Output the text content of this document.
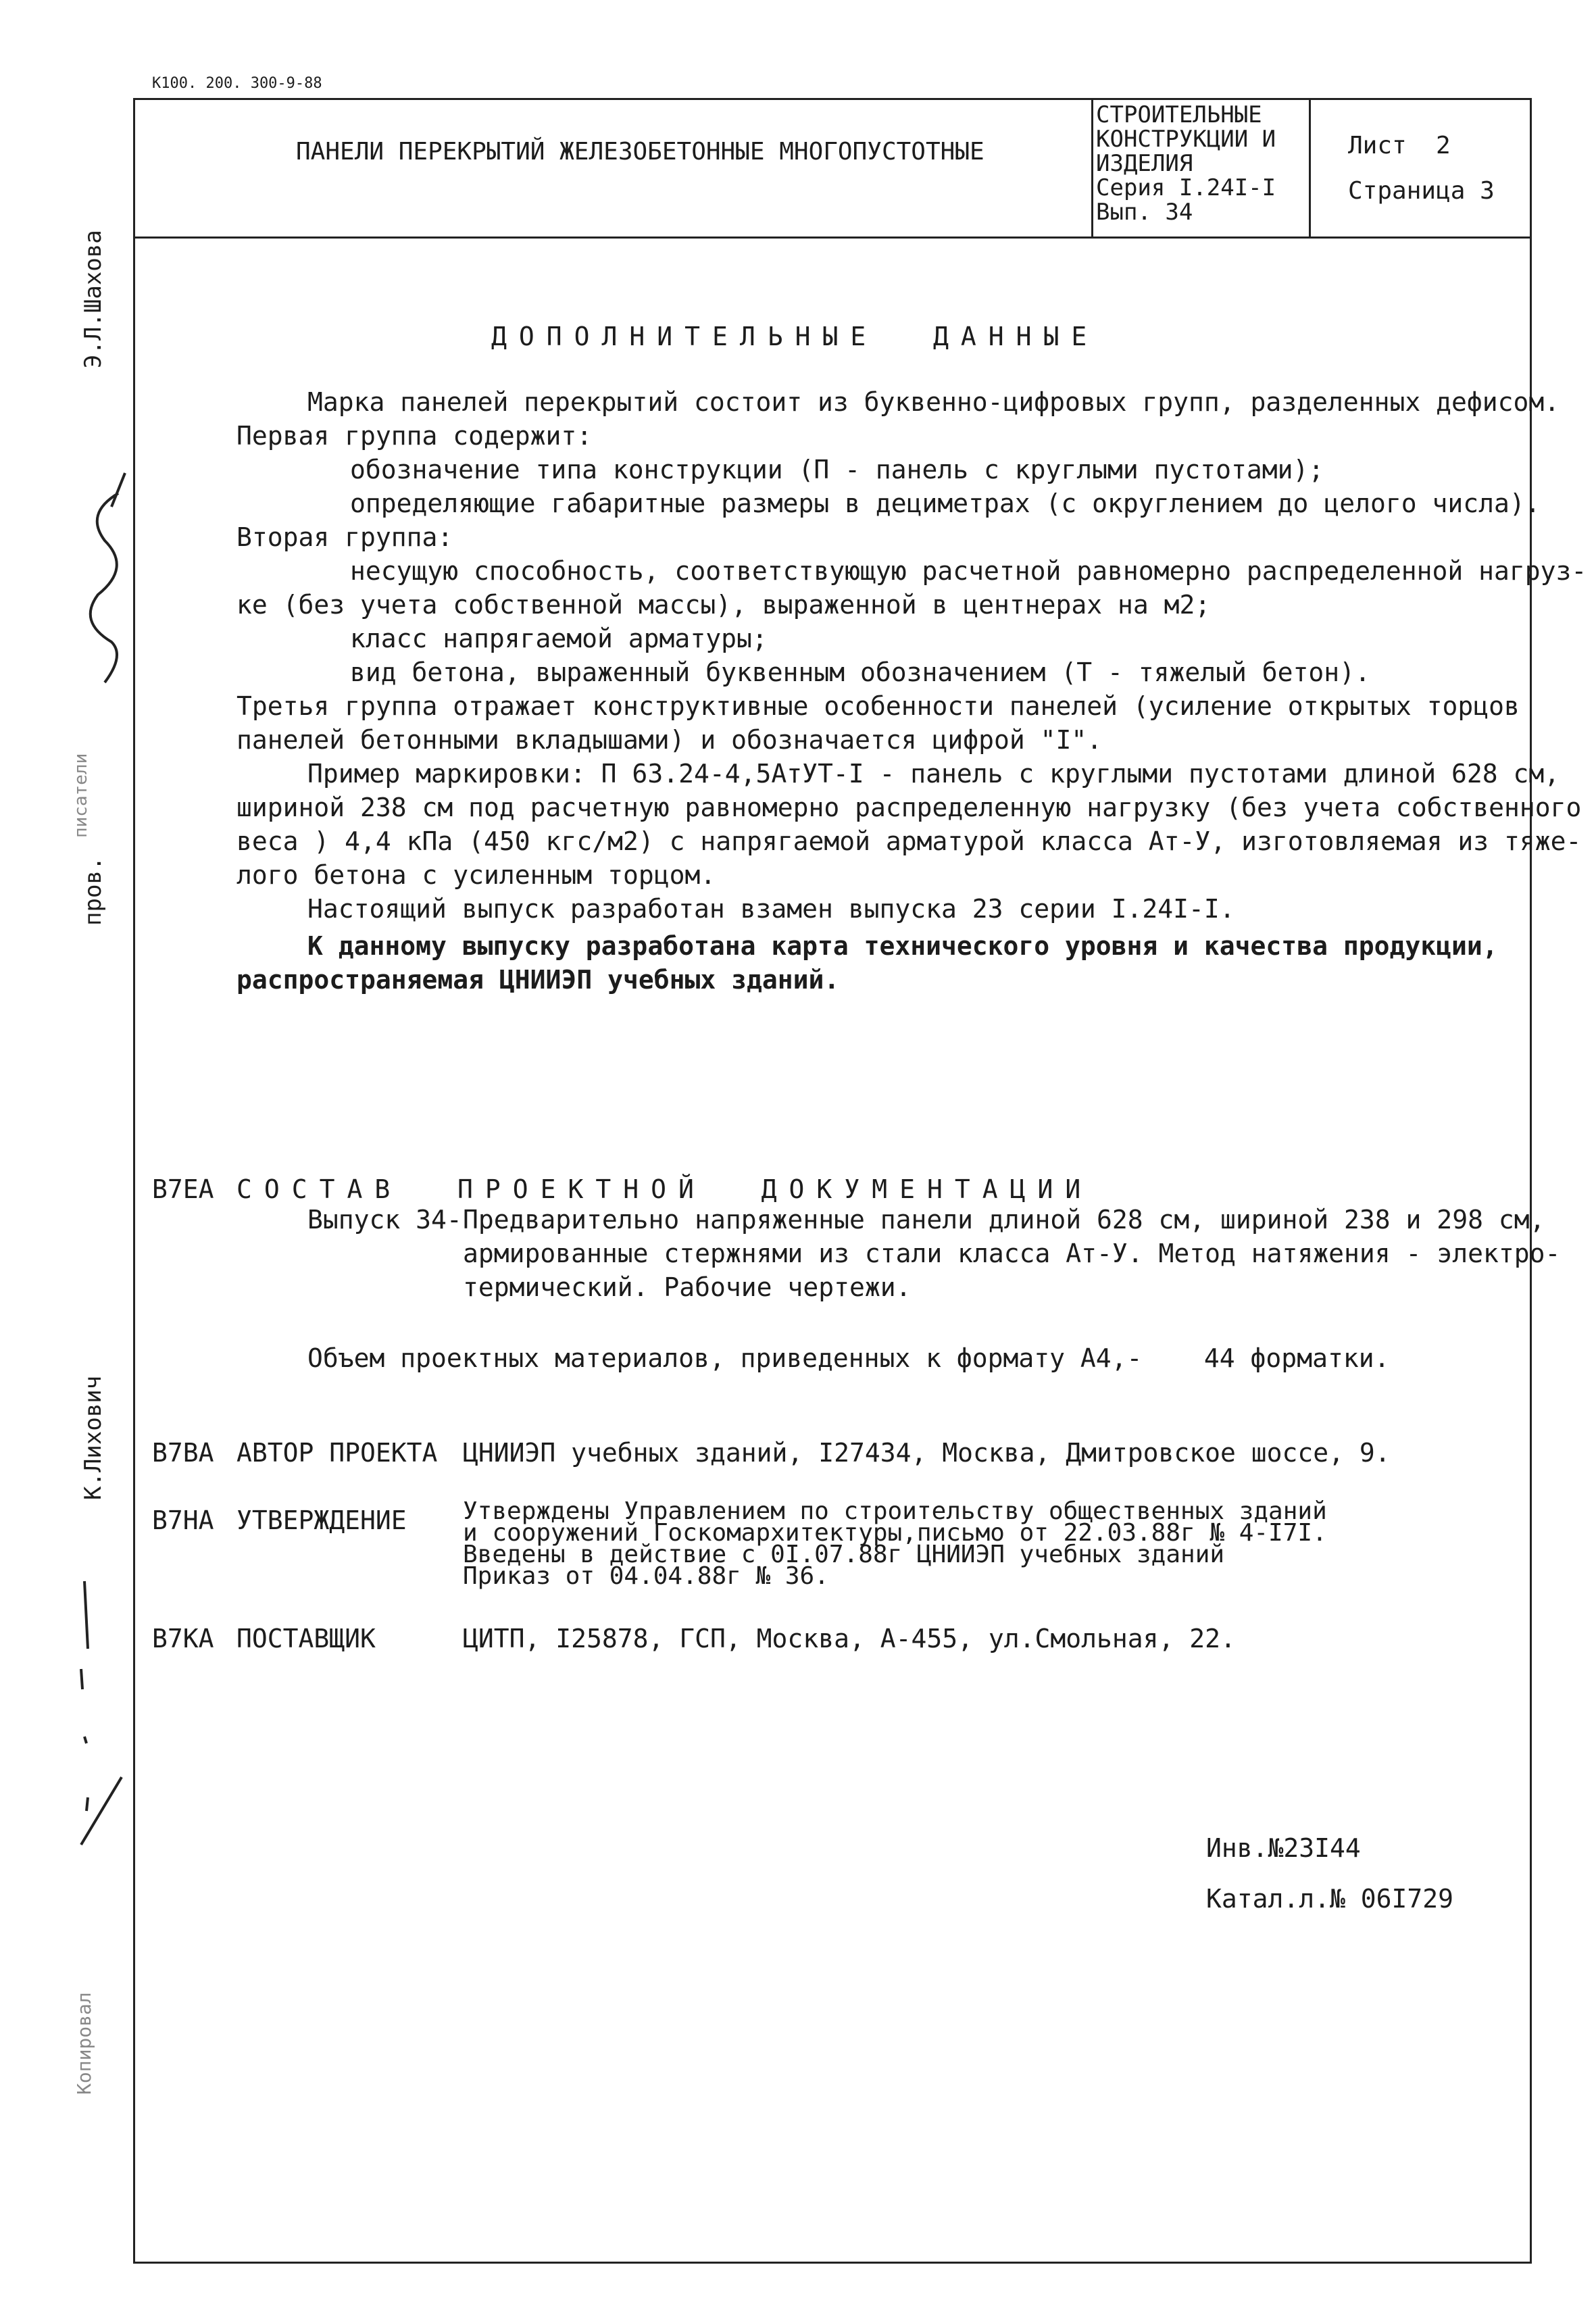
К100. 200. 300-9-88
ПАНЕЛИ ПЕРЕКРЫТИЙ ЖЕЛЕЗОБЕТОННЫЕ МНОГОПУСТОТНЫЕ
СТРОИТЕЛЬНЫЕ
КОНСТРУКЦИИ И
ИЗДЕЛИЯ
Серия I.24I-I
Вып. 34
Лист  2
Страница 3
Э.Л.Шахова
писатели
пров.
К.Лихович
Копировал
ДОПОЛНИТЕЛЬНЫЕ  ДАННЫЕ
Марка панелей перекрытий состоит из буквенно-цифровых групп, разделенных дефисом.
Первая группа содержит:
обозначение типа конструкции (П - панель с круглыми пустотами);
определяющие габаритные размеры в дециметрах (с округлением до целого числа).
Вторая группа:
несущую способность, соответствующую расчетной равномерно распределенной нагруз-
ке (без учета собственной массы), выраженной в центнерах на м2;
класс напрягаемой арматуры;
вид бетона, выраженный буквенным обозначением (Т - тяжелый бетон).
Третья группа отражает конструктивные особенности панелей (усиление открытых торцов
панелей бетонными вкладышами) и обозначается цифрой "I".
Пример маркировки: П 63.24-4,5АтУТ-I - панель с круглыми пустотами длиной 628 см,
шириной 238 см под расчетную равномерно распределенную нагрузку (без учета собственного
веса ) 4,4 кПа (450 кгс/м2) с напрягаемой арматурой класса Ат-У, изготовляемая из тяже-
лого бетона с усиленным торцом.
Настоящий выпуск разработан взамен выпуска 23 серии I.24I-I.
К данному выпуску разработана карта технического уровня и качества продукции,
распространяемая ЦНИИЭП учебных зданий.
В7ЕА СОСТАВ  ПРОЕКТНОЙ  ДОКУМЕНТАЦИИ
Выпуск 34- Предварительно напряженные панели длиной 628 см, шириной 238 и 298 см,
армированные стержнями из стали класса Ат-У. Метод натяжения - электро-
термический. Рабочие чертежи.
Объем проектных материалов, приведенных к формату А4,-    44 форматки.
В7ВА АВТОР ПРОЕКТА ЦНИИЭП учебных зданий, I27434, Москва, Дмитровское шоссе, 9.
В7НА УТВЕРЖДЕНИЕ Утверждены Управлением по строительству общественных зданий
и сооружений Госкомархитектуры,письмо от 22.03.88г № 4-I7I.
Введены в действие с 0I.07.88г ЦНИИЭП учебных зданий
Приказ от 04.04.88г № 36.
В7КА ПОСТАВЩИК	ЦИТП, I25878, ГСП, Москва, А-455, ул.Смольная, 22.
Инв.№23I44
Катал.л.№ 06I729
